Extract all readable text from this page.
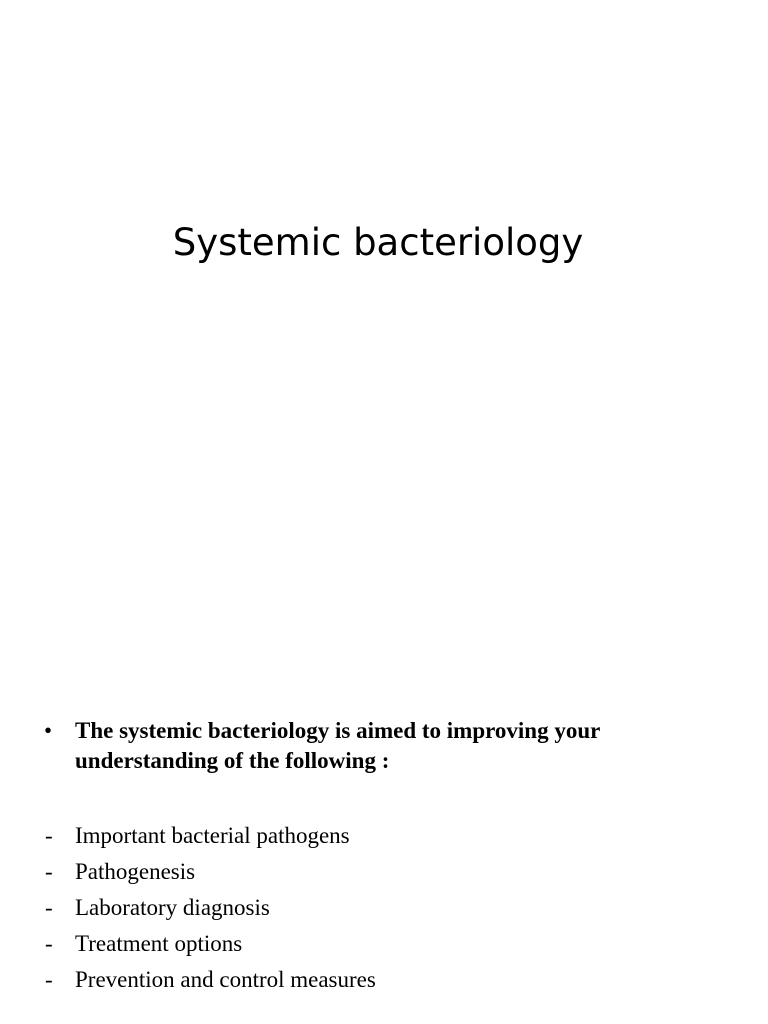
Systemic bacteriology
• The systemic bacteriology is aimed to improving your understanding of the following :
- Important bacterial pathogens
- Pathogenesis
- Laboratory diagnosis
- Treatment options
- Prevention and control measures
